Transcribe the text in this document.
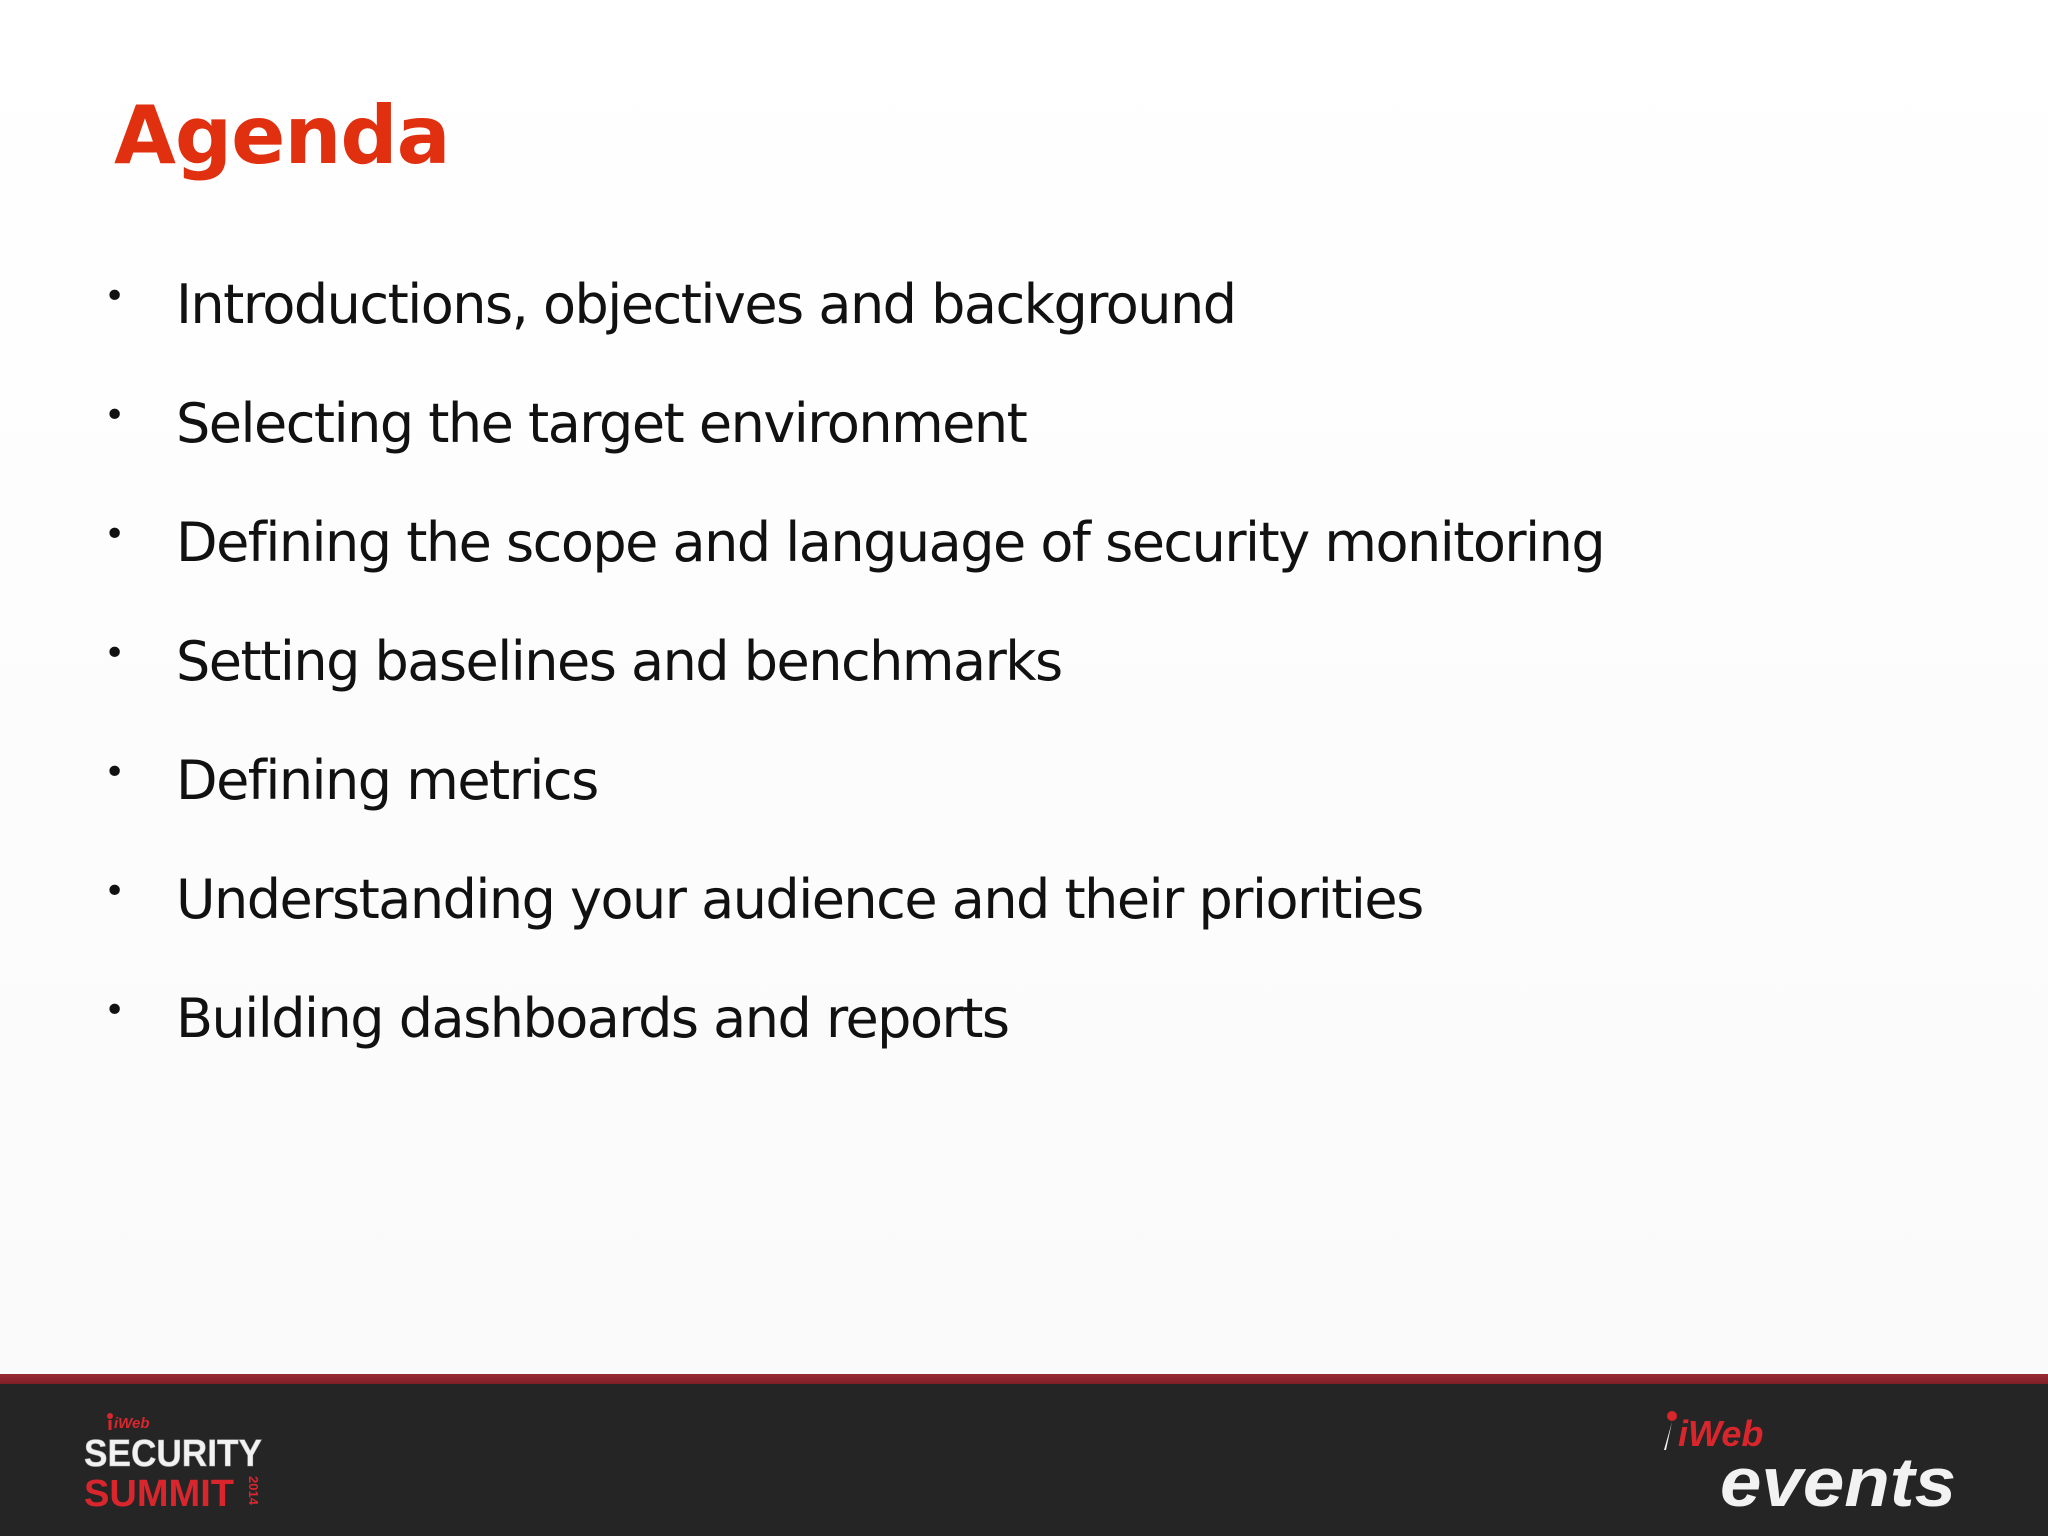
Agenda
• Introductions, objectives and background
• Selecting the target environment
• Defining the scope and language of security monitoring
• Setting baselines and benchmarks
• Defining metrics
• Understanding your audience and their priorities
• Building dashboards and reports
iWeb
SECURITY
SUMMIT 2014
iWeb
events
